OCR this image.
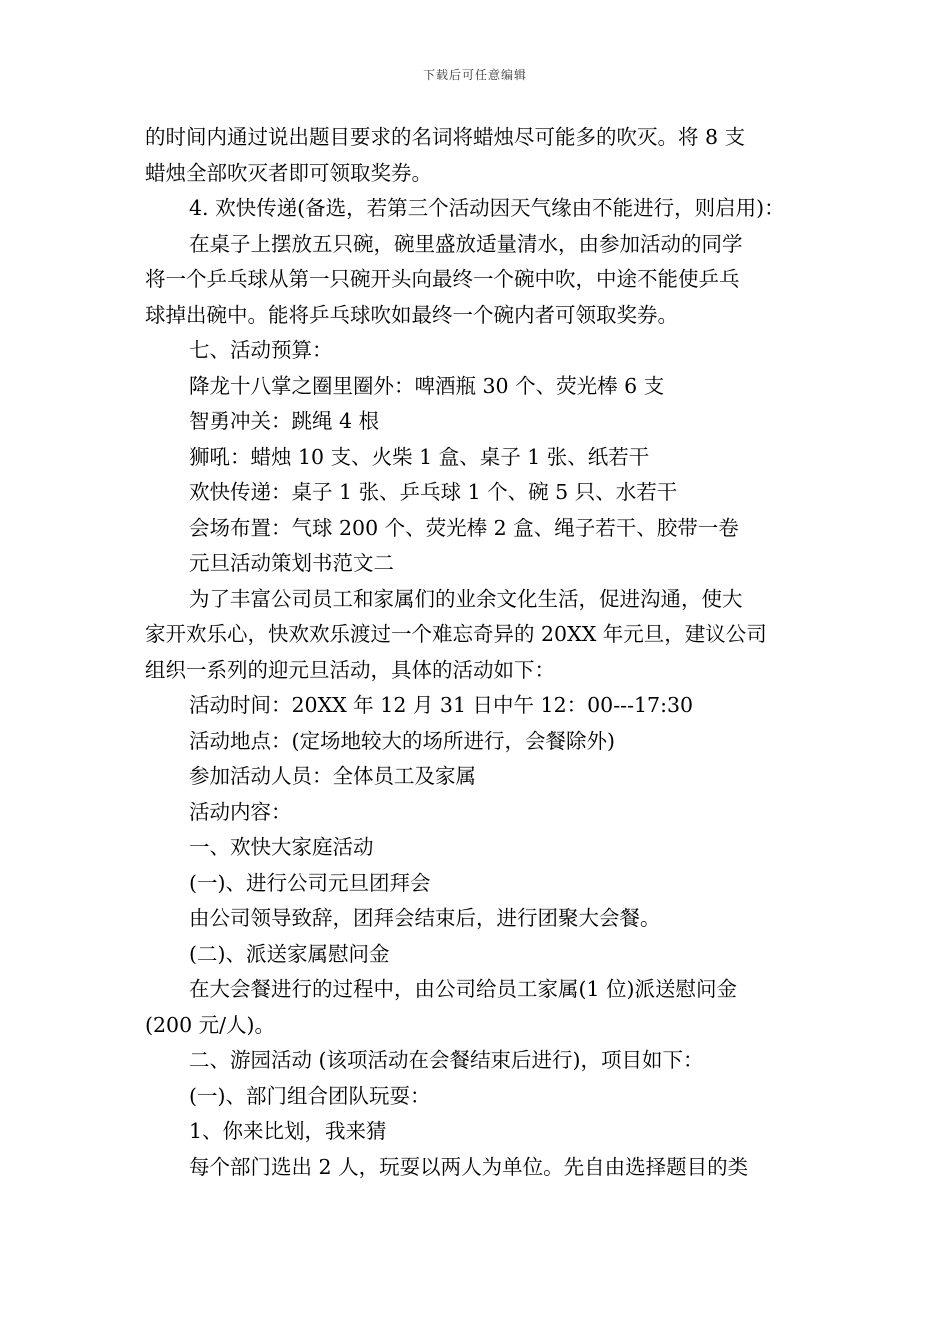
下载后可任意编辑

的时间内通过说出题目要求的名词将蜡烛尽可能多的吹灭。将 8 支

蜡烛全部吹灭者即可领取奖券。

4. 欢快传递(备选，若第三个活动因天气缘由不能进行，则启用)：

在桌子上摆放五只碗，碗里盛放适量清水，由参加活动的同学

将一个乒乓球从第一只碗开头向最终一个碗中吹，中途不能使乒乓

球掉出碗中。能将乒乓球吹如最终一个碗内者可领取奖券。

七、活动预算：

降龙十八掌之圈里圈外：啤酒瓶 30 个、荧光棒 6 支

智勇冲关：跳绳 4 根

狮吼：蜡烛 10 支、火柴 1 盒、桌子 1 张、纸若干

欢快传递：桌子 1 张、乒乓球 1 个、碗 5 只、水若干

会场布置：气球 200 个、荧光棒 2 盒、绳子若干、胶带一卷

元旦活动策划书范文二

为了丰富公司员工和家属们的业余文化生活，促进沟通，使大

家开欢乐心，快欢欢乐渡过一个难忘奇异的 20XX 年元旦，建议公司

组织一系列的迎元旦活动，具体的活动如下：

活动时间：20XX 年 12 月 31 日中午 12：00---17:30

活动地点：(定场地较大的场所进行，会餐除外)

参加活动人员：全体员工及家属

活动内容：

一、欢快大家庭活动

(一)、进行公司元旦团拜会

由公司领导致辞，团拜会结束后，进行团聚大会餐。

(二)、派送家属慰问金

在大会餐进行的过程中，由公司给员工家属(1 位)派送慰问金

(200 元/人)。

二、游园活动 (该项活动在会餐结束后进行)，项目如下：

(一)、部门组合团队玩耍：

1、你来比划，我来猜

每个部门选出 2 人，玩耍以两人为单位。先自由选择题目的类
